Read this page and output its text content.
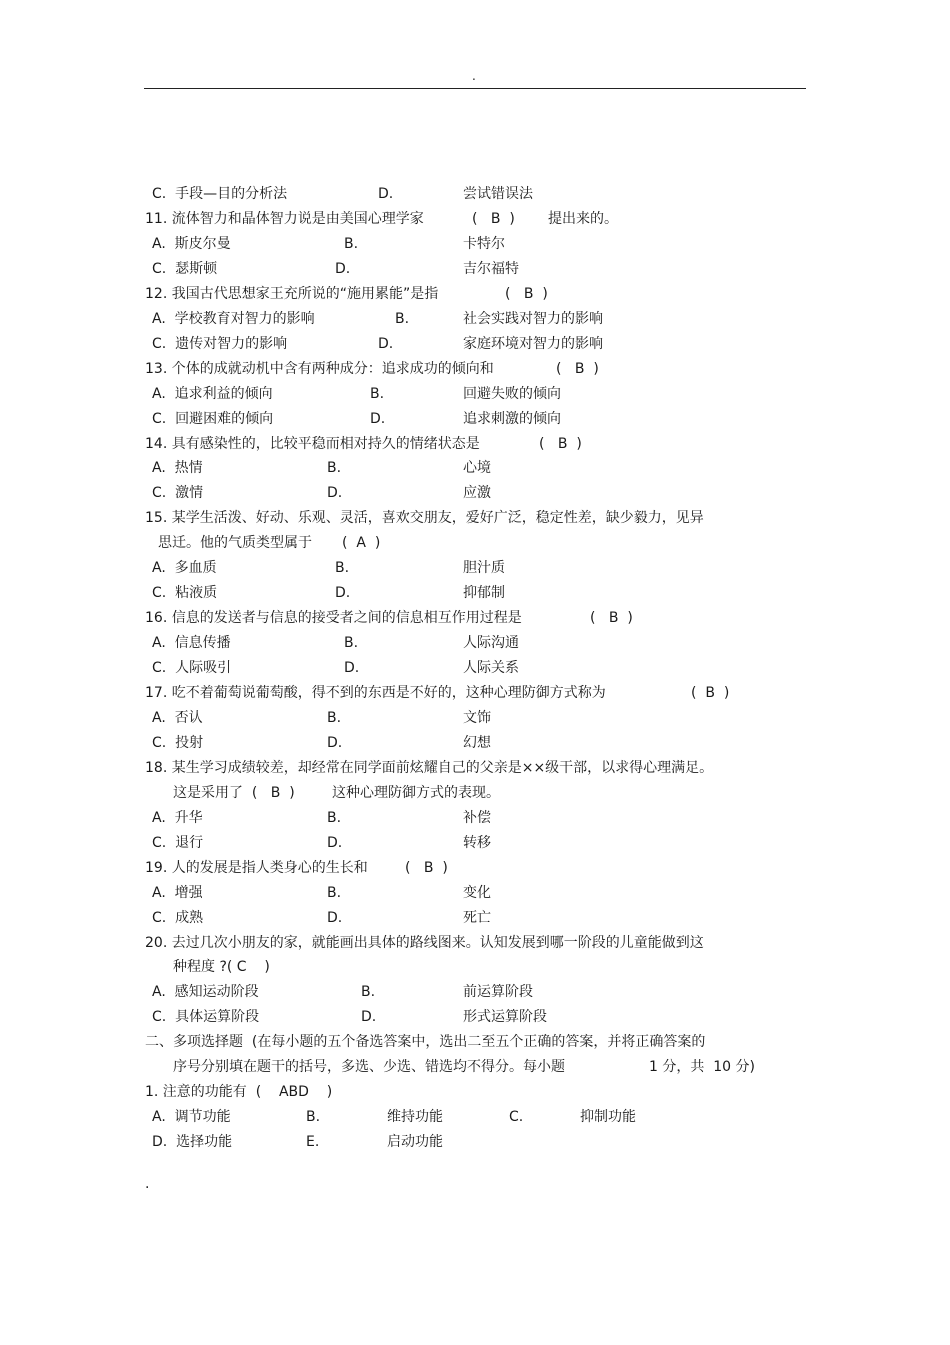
.
C.  手段—目的分析法	D.	尝试错误法
11. 流体智力和晶体智力说是由美国心理学家	(   B  ) 提出来的。
A.  斯皮尔曼	B.	卡特尔
C.  瑟斯顿	D.	吉尔福特
12. 我国古代思想家王充所说的“施用累能”是指	(   B  )
A.  学校教育对智力的影响	B.	社会实践对智力的影响
C.  遗传对智力的影响	D.	家庭环境对智力的影响
13. 个体的成就动机中含有两种成分：追求成功的倾向和	(   B  )
A.  追求利益的倾向	B.	回避失败的倾向
C.  回避困难的倾向	D.	追求刺激的倾向
14. 具有感染性的，比较平稳而相对持久的情绪状态是	(   B  )
A.  热情	B.	心境
C.  激情	D.	应激
15. 某学生活泼、好动、乐观、灵活，喜欢交朋友，爱好广泛，稳定性差，缺少毅力，见异
思迁。他的气质类型属于 (  A  )
A.  多血质	B.	胆汁质
C.  粘液质	D.	抑郁制
16. 信息的发送者与信息的接受者之间的信息相互作用过程是	(   B  )
A.  信息传播	B.	人际沟通
C.  人际吸引	D.	人际关系
17. 吃不着葡萄说葡萄酸，得不到的东西是不好的，这种心理防御方式称为	(  B  )
A.  否认	B.	文饰
C.  投射	D.	幻想
18. 某生学习成绩较差，却经常在同学面前炫耀自己的父亲是××级干部，以求得心理满足。
这是采用了  (   B  )	这种心理防御方式的表现。
A.  升华	B.	补偿
C.  退行	D.	转移
19. 人的发展是指人类身心的生长和	(   B  )
A.  增强	B.	变化
C.  成熟	D.	死亡
20. 去过几次小朋友的家，就能画出具体的路线图来。认知发展到哪一阶段的儿童能做到这
种程度 ?( C    )
A.  感知运动阶段	B.	前运算阶段
C.  具体运算阶段	D.	形式运算阶段
二、多项选择题  (在每小题的五个备选答案中，选出二至五个正确的答案，并将正确答案的
序号分别填在题干的括号，多选、少选、错选均不得分。每小题	1 分，共  10 分)
1. 注意的功能有  (    ABD    )
A.  调节功能	B.	维持功能	C.	抑制功能
D.  选择功能	E.	启动功能
.
